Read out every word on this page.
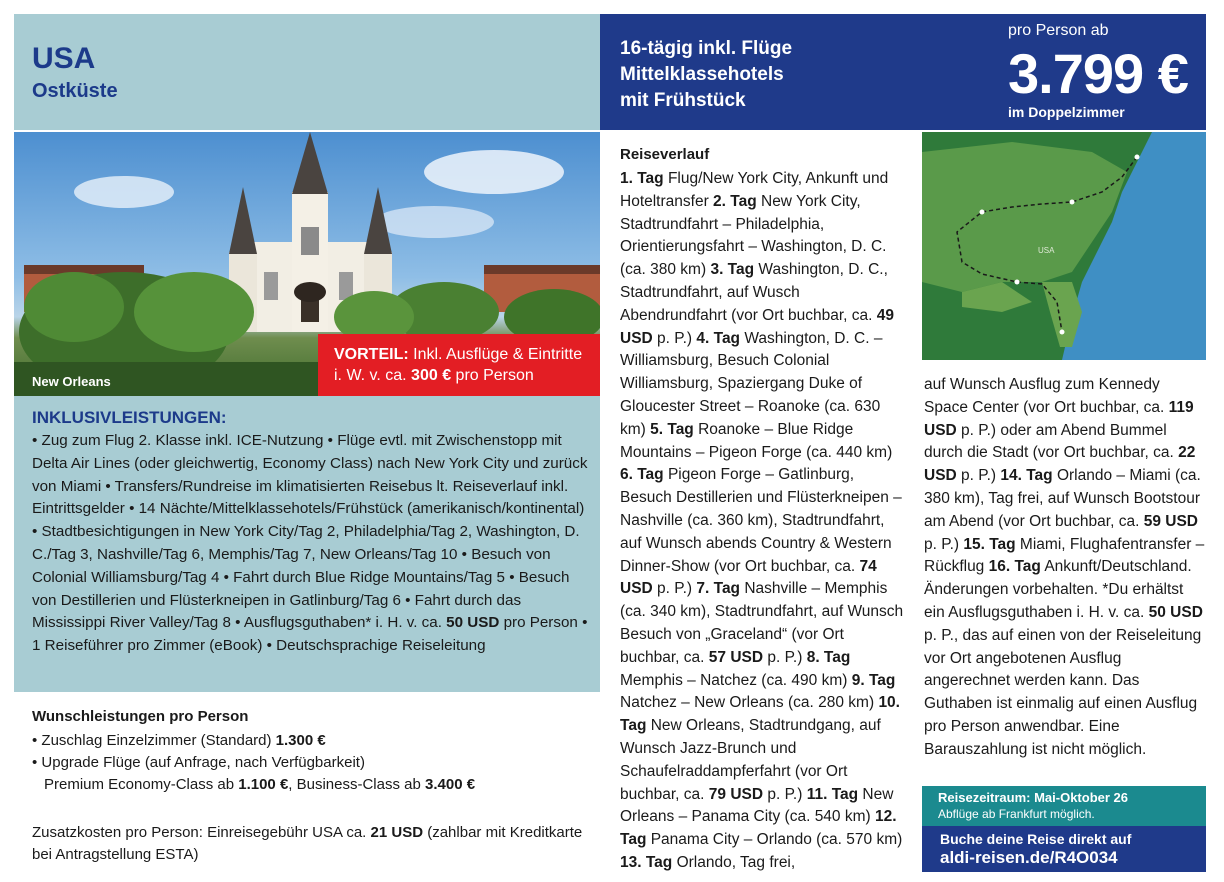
USA
Ostküste
16-tägig inkl. Flüge
Mittelklassehotels
mit Frühstück
pro Person ab
3.799 €
im Doppelzimmer
New Orleans
VORTEIL: Inkl. Ausflüge & Eintritte
i. W. v. ca. 300 € pro Person
INKLUSIVLEISTUNGEN:
• Zug zum Flug 2. Klasse inkl. ICE-Nutzung • Flüge evtl. mit Zwischenstopp mit Delta Air Lines (oder gleichwertig, Economy Class) nach New York City und zurück von Miami • Transfers/Rundreise im klimatisierten Reisebus lt. Reiseverlauf inkl. Eintrittsgelder • 14 Nächte/Mittelklassehotels/Frühstück (amerikanisch/kontinental) • Stadtbesichtigungen in New York City/Tag 2, Philadelphia/Tag 2, Washington, D. C./Tag 3, Nashville/Tag 6, Memphis/Tag 7, New Orleans/Tag 10 • Besuch von Colonial Williamsburg/Tag 4 • Fahrt durch Blue Ridge Mountains/Tag 5 • Besuch von Destillerien und Flüsterkneipen in Gatlinburg/Tag 6 • Fahrt durch das Mississippi River Valley/Tag 8 • Ausflugsguthaben* i. H. v. ca. 50 USD pro Person • 1 Reiseführer pro Zimmer (eBook) • Deutschsprachige Reiseleitung
Wunschleistungen pro Person
• Zuschlag Einzelzimmer (Standard) 1.300 €
• Upgrade Flüge (auf Anfrage, nach Verfügbarkeit)
Premium Economy-Class ab 1.100 €, Business-Class ab 3.400 €
Zusatzkosten pro Person: Einreisegebühr USA ca. 21 USD (zahlbar mit Kreditkarte bei Antragstellung ESTA)
Reiseverlauf
1. Tag Flug/New York City, Ankunft und Hoteltransfer 2. Tag New York City, Stadtrundfahrt – Philadelphia, Orientierungsfahrt – Washington, D. C. (ca. 380 km) 3. Tag Washington, D. C., Stadtrundfahrt, auf Wusch Abendrundfahrt (vor Ort buchbar, ca. 49 USD p. P.) 4. Tag Washington, D. C. – Williamsburg, Besuch Colonial Williamsburg, Spaziergang Duke of Gloucester Street – Roanoke (ca. 630 km) 5. Tag Roanoke – Blue Ridge Mountains – Pigeon Forge (ca. 440 km) 6. Tag Pigeon Forge – Gatlinburg, Besuch Destillerien und Flüsterkneipen – Nashville (ca. 360 km), Stadtrundfahrt, auf Wunsch abends Country & Western Dinner-Show (vor Ort buchbar, ca. 74 USD p. P.) 7. Tag Nashville – Memphis (ca. 340 km), Stadtrundfahrt, auf Wunsch Besuch von „Graceland“ (vor Ort buchbar, ca. 57 USD p. P.) 8. Tag Memphis – Natchez (ca. 490 km) 9. Tag Natchez – New Orleans (ca. 280 km) 10. Tag New Orleans, Stadtrundgang, auf Wunsch Jazz-Brunch und Schaufelraddampferfahrt (vor Ort buchbar, ca. 79 USD p. P.) 11. Tag New Orleans – Panama City (ca. 540 km) 12. Tag Panama City – Orlando (ca. 570 km) 13. Tag Orlando, Tag frei,
USA
auf Wunsch Ausflug zum Kennedy Space Center (vor Ort buchbar, ca. 119 USD p. P.) oder am Abend Bummel durch die Stadt (vor Ort buchbar, ca. 22 USD p. P.) 14. Tag Orlando – Miami (ca. 380 km), Tag frei, auf Wunsch Bootstour am Abend (vor Ort buchbar, ca. 59 USD p. P.) 15. Tag Miami, Flughafentransfer – Rückflug 16. Tag Ankunft/Deutschland. Änderungen vorbehalten. *Du erhältst ein Ausflugsguthaben i. H. v. ca. 50 USD p. P., das auf einen von der Reiseleitung vor Ort angebotenen Ausflug angerechnet werden kann. Das Guthaben ist einmalig auf einen Ausflug pro Person anwendbar. Eine Barauszahlung ist nicht möglich.
Reisezeitraum: Mai-Oktober 26
Abflüge ab Frankfurt möglich.
Buche deine Reise direkt auf
aldi-reisen.de/R4O034
